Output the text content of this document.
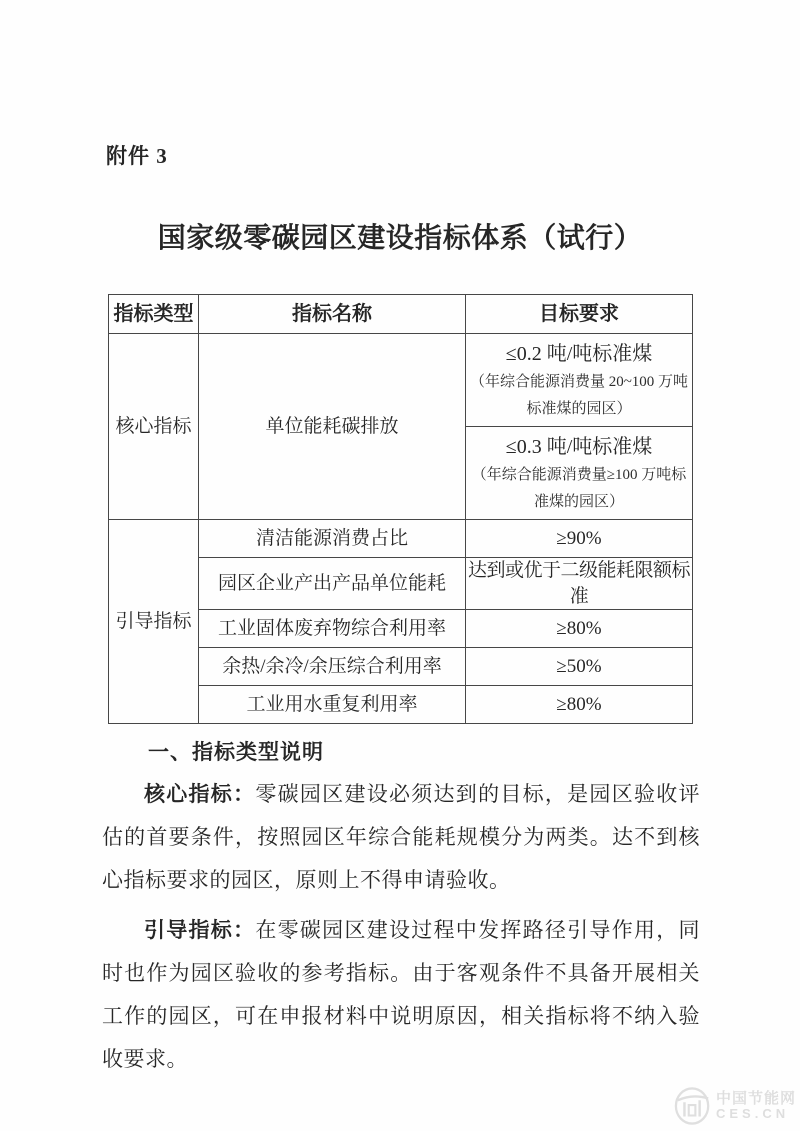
附件 3
国家级零碳园区建设指标体系（试行）
指标类型	指标名称	目标要求
核心指标	单位能耗碳排放	≤0.2 吨/吨标准煤
（年综合能源消费量 20~100 万吨标准煤的园区）

		≤0.3 吨/吨标准煤
（年综合能源消费量≥100 万吨标准煤的园区）

引导指标	清洁能源消费占比	≥90%
	园区企业产出产品单位能耗	达到或优于二级能耗限额标准
	工业固体废弃物综合利用率	≥80%
	余热/余冷/余压综合利用率	≥50%
	工业用水重复利用率	≥80%
一、指标类型说明

核心指标：零碳园区建设必须达到的目标，是园区验收评估的首要条件，按照园区年综合能耗规模分为两类。达不到核心指标要求的园区，原则上不得申请验收。

引导指标：在零碳园区建设过程中发挥路径引导作用，同时也作为园区验收的参考指标。由于客观条件不具备开展相关工作的园区，可在申报材料中说明原因，相关指标将不纳入验收要求。

中国节能网
CES.CN
